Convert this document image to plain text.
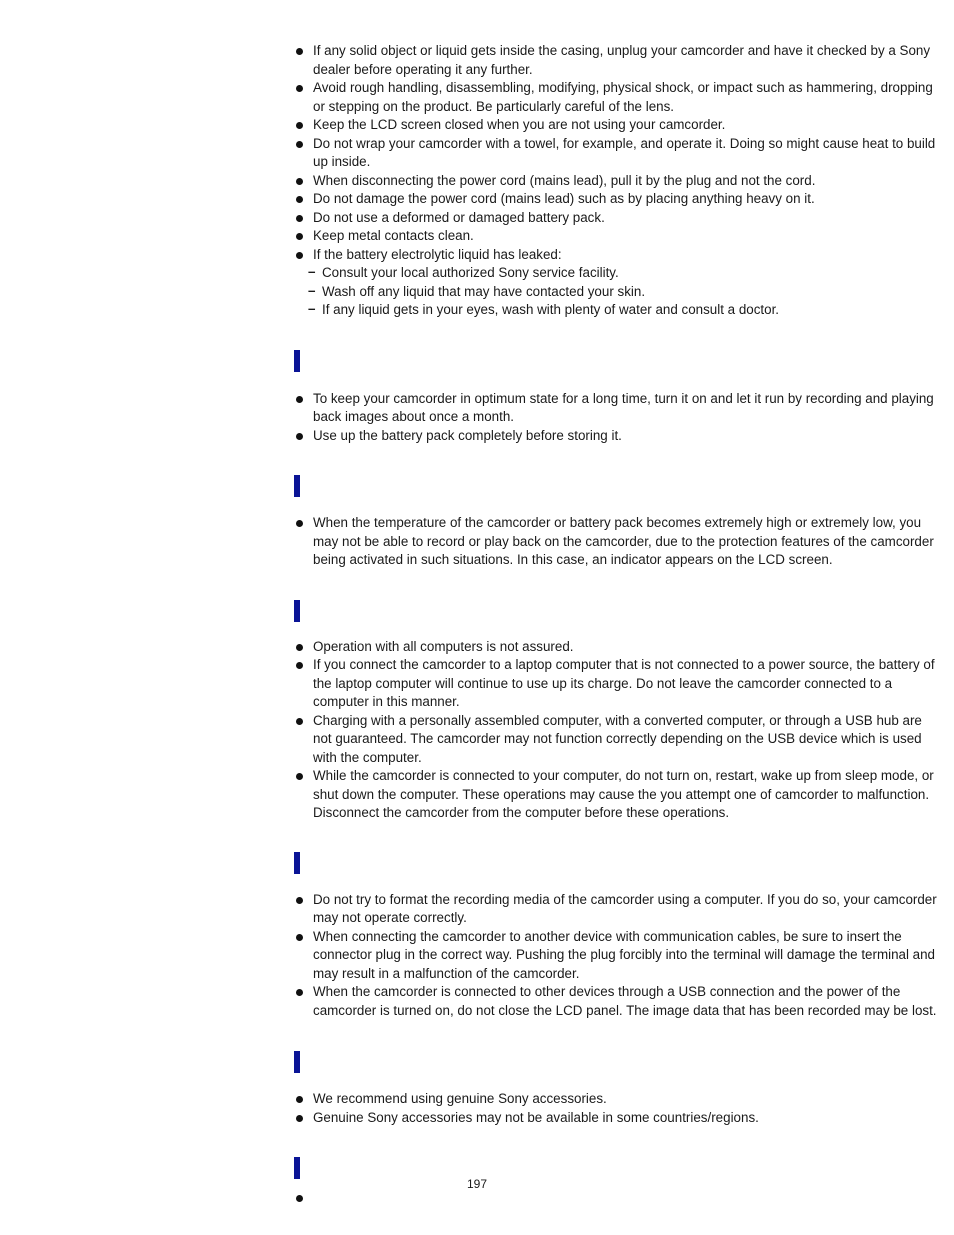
If any solid object or liquid gets inside the casing, unplug your camcorder and have it checked by a Sony dealer before operating it any further.
Avoid rough handling, disassembling, modifying, physical shock, or impact such as hammering, dropping or stepping on the product. Be particularly careful of the lens.
Keep the LCD screen closed when you are not using your camcorder.
Do not wrap your camcorder with a towel, for example, and operate it. Doing so might cause heat to build up inside.
When disconnecting the power cord (mains lead), pull it by the plug and not the cord.
Do not damage the power cord (mains lead) such as by placing anything heavy on it.
Do not use a deformed or damaged battery pack.
Keep metal contacts clean.
If the battery electrolytic liquid has leaked:
– Consult your local authorized Sony service facility.
– Wash off any liquid that may have contacted your skin.
– If any liquid gets in your eyes, wash with plenty of water and consult a doctor.
To keep your camcorder in optimum state for a long time, turn it on and let it run by recording and playing back images about once a month.
Use up the battery pack completely before storing it.
When the temperature of the camcorder or battery pack becomes extremely high or extremely low, you may not be able to record or play back on the camcorder, due to the protection features of the camcorder being activated in such situations. In this case, an indicator appears on the LCD screen.
Operation with all computers is not assured.
If you connect the camcorder to a laptop computer that is not connected to a power source, the battery of the laptop computer will continue to use up its charge. Do not leave the camcorder connected to a computer in this manner.
Charging with a personally assembled computer, with a converted computer, or through a USB hub are not guaranteed. The camcorder may not function correctly depending on the USB device which is used with the computer.
While the camcorder is connected to your computer, do not turn on, restart, wake up from sleep mode, or shut down the computer. These operations may cause the you attempt one of camcorder to malfunction. Disconnect the camcorder from the computer before these operations.
Do not try to format the recording media of the camcorder using a computer. If you do so, your camcorder may not operate correctly.
When connecting the camcorder to another device with communication cables, be sure to insert the connector plug in the correct way. Pushing the plug forcibly into the terminal will damage the terminal and may result in a malfunction of the camcorder.
When the camcorder is connected to other devices through a USB connection and the power of the camcorder is turned on, do not close the LCD panel. The image data that has been recorded may be lost.
We recommend using genuine Sony accessories.
Genuine Sony accessories may not be available in some countries/regions.
197
